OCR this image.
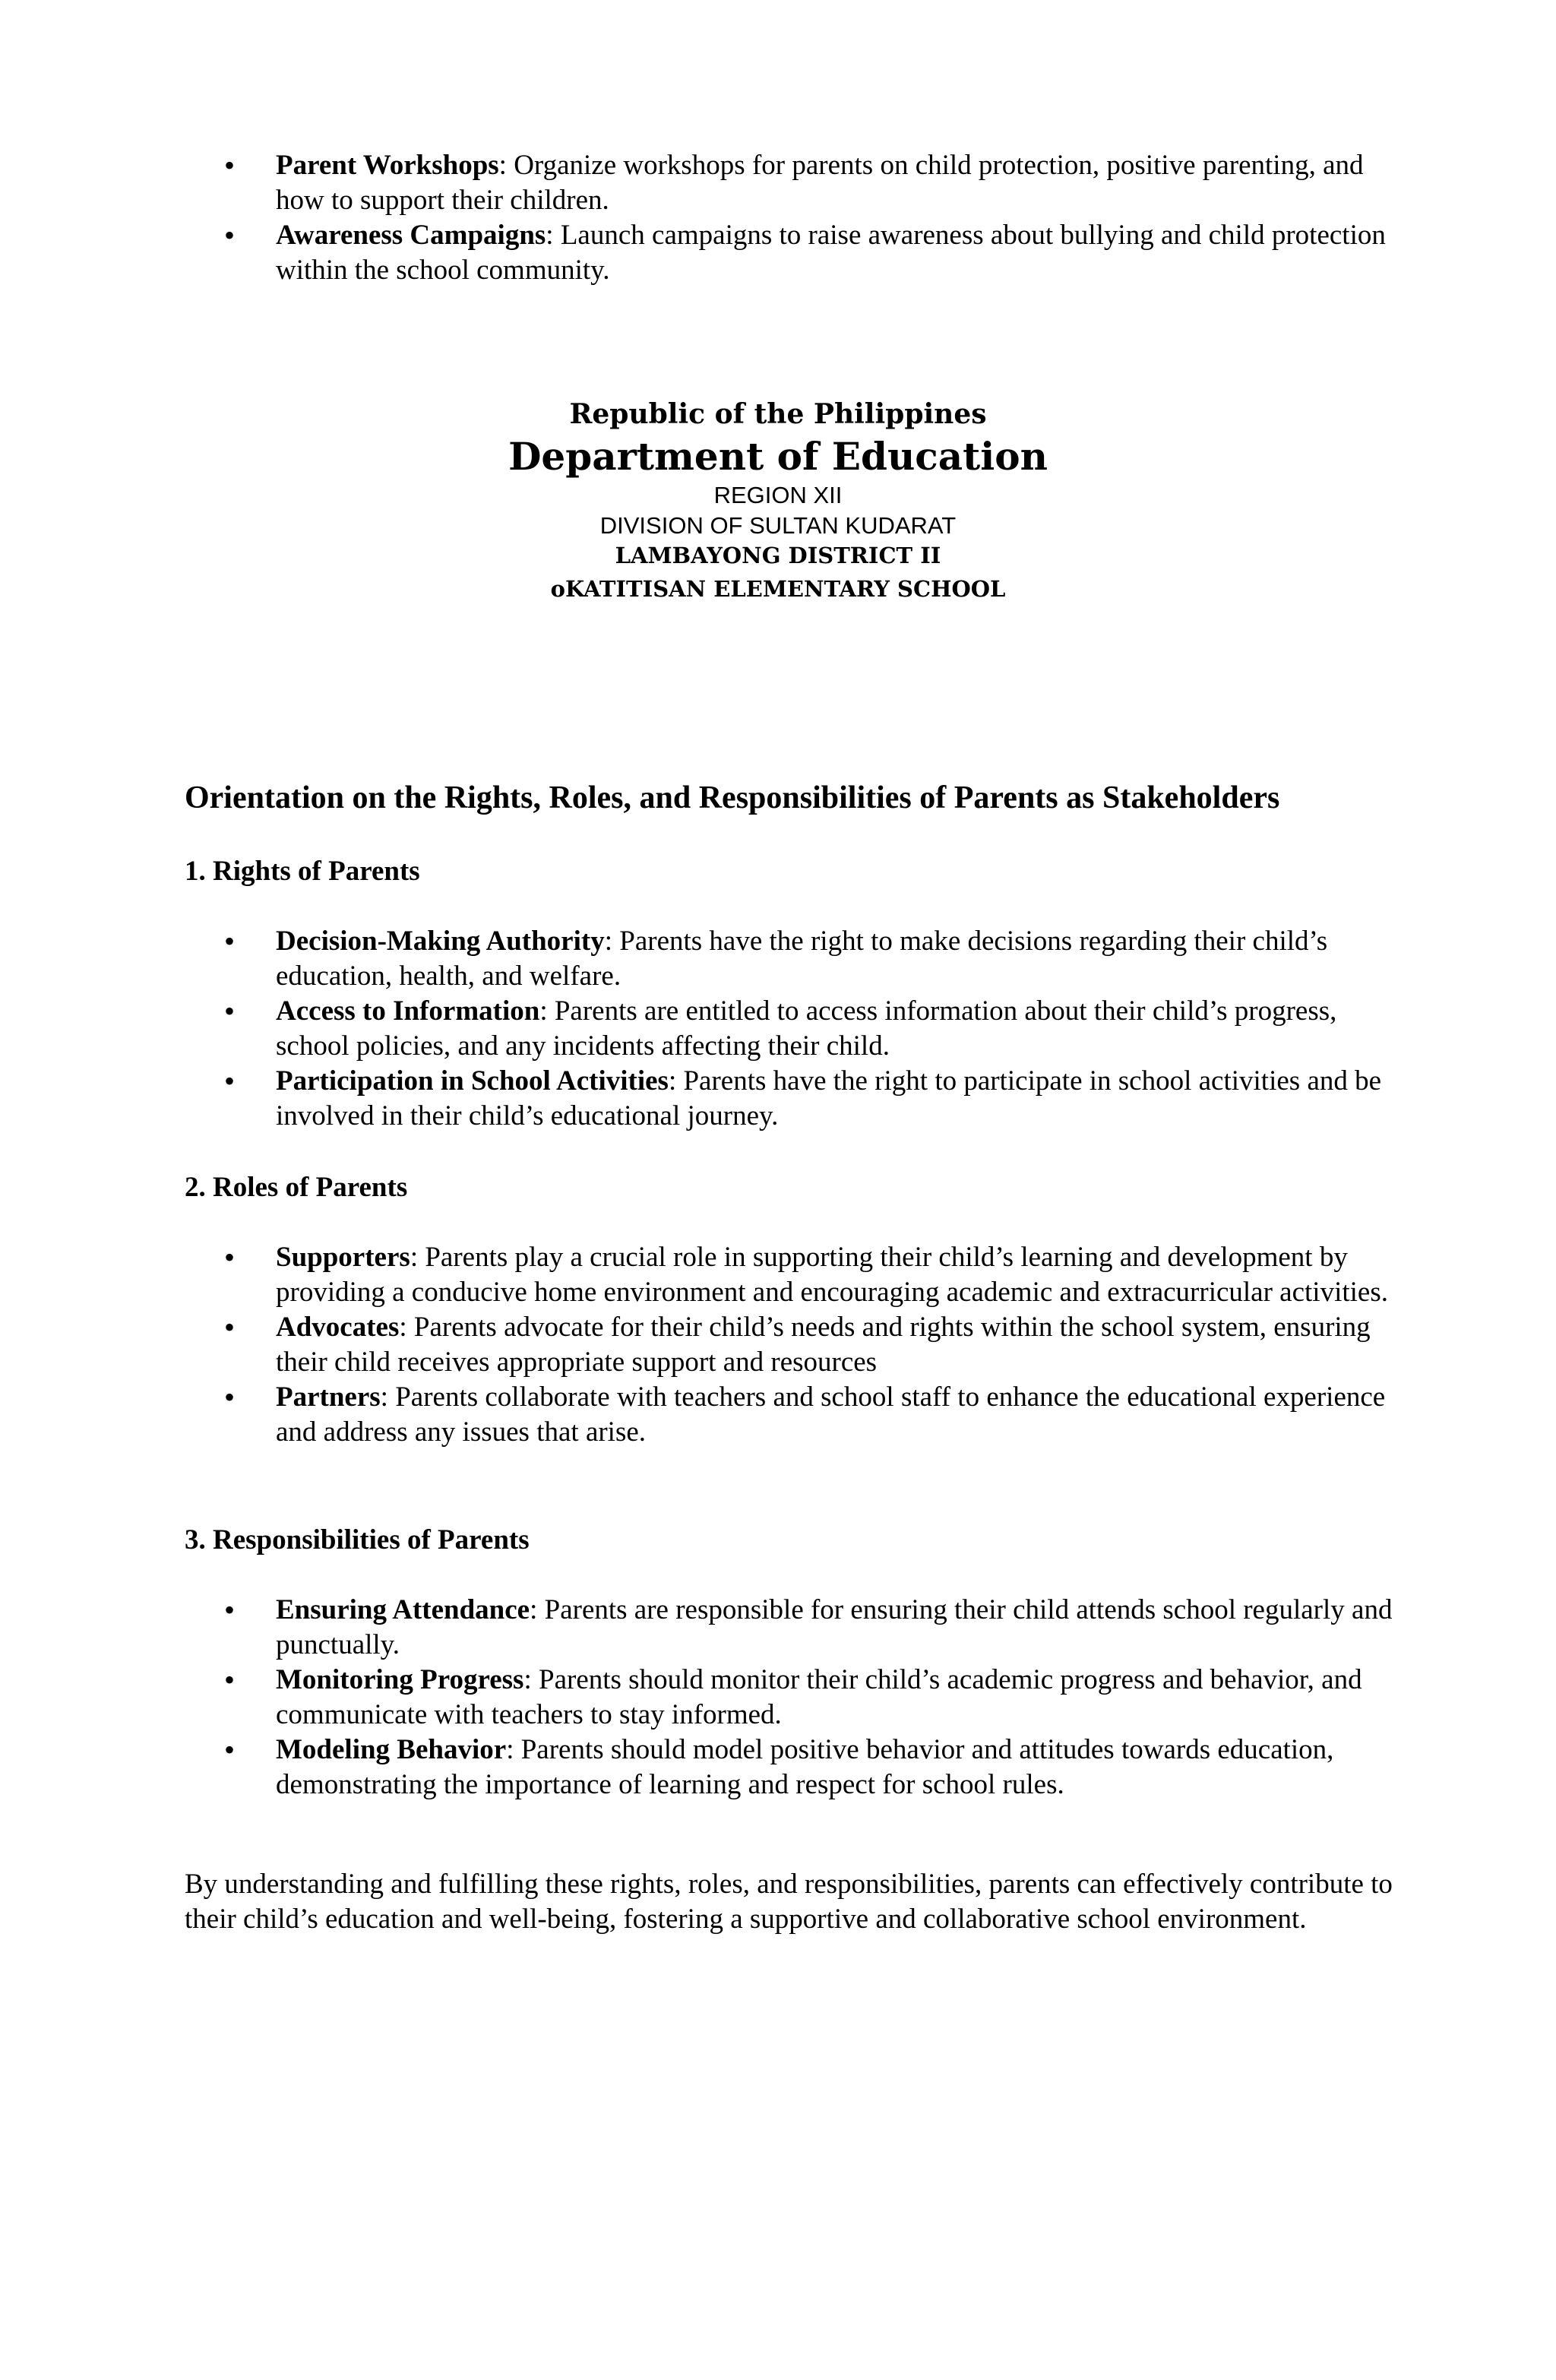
• Parent Workshops: Organize workshops for parents on child protection, positive parenting, and how to support their children.
• Awareness Campaigns: Launch campaigns to raise awareness about bullying and child protection within the school community.
Republic of the Philippines
Department of Education
REGION XII
DIVISION OF SULTAN KUDARAT
LAMBAYONG DISTRICT II
oKATITISAN ELEMENTARY SCHOOL
Orientation on the Rights, Roles, and Responsibilities of Parents as Stakeholders
1. Rights of Parents
• Decision-Making Authority: Parents have the right to make decisions regarding their child’s education, health, and welfare.
• Access to Information: Parents are entitled to access information about their child’s progress, school policies, and any incidents affecting their child.
• Participation in School Activities: Parents have the right to participate in school activities and be involved in their child’s educational journey.
2. Roles of Parents
• Supporters: Parents play a crucial role in supporting their child’s learning and development by providing a conducive home environment and encouraging academic and extracurricular activities.
• Advocates: Parents advocate for their child’s needs and rights within the school system, ensuring their child receives appropriate support and resources
• Partners: Parents collaborate with teachers and school staff to enhance the educational experience and address any issues that arise.
3. Responsibilities of Parents
• Ensuring Attendance: Parents are responsible for ensuring their child attends school regularly and punctually.
• Monitoring Progress: Parents should monitor their child’s academic progress and behavior, and communicate with teachers to stay informed.
• Modeling Behavior: Parents should model positive behavior and attitudes towards education, demonstrating the importance of learning and respect for school rules.

By understanding and fulfilling these rights, roles, and responsibilities, parents can effectively contribute to their child’s education and well-being, fostering a supportive and collaborative school environment.
